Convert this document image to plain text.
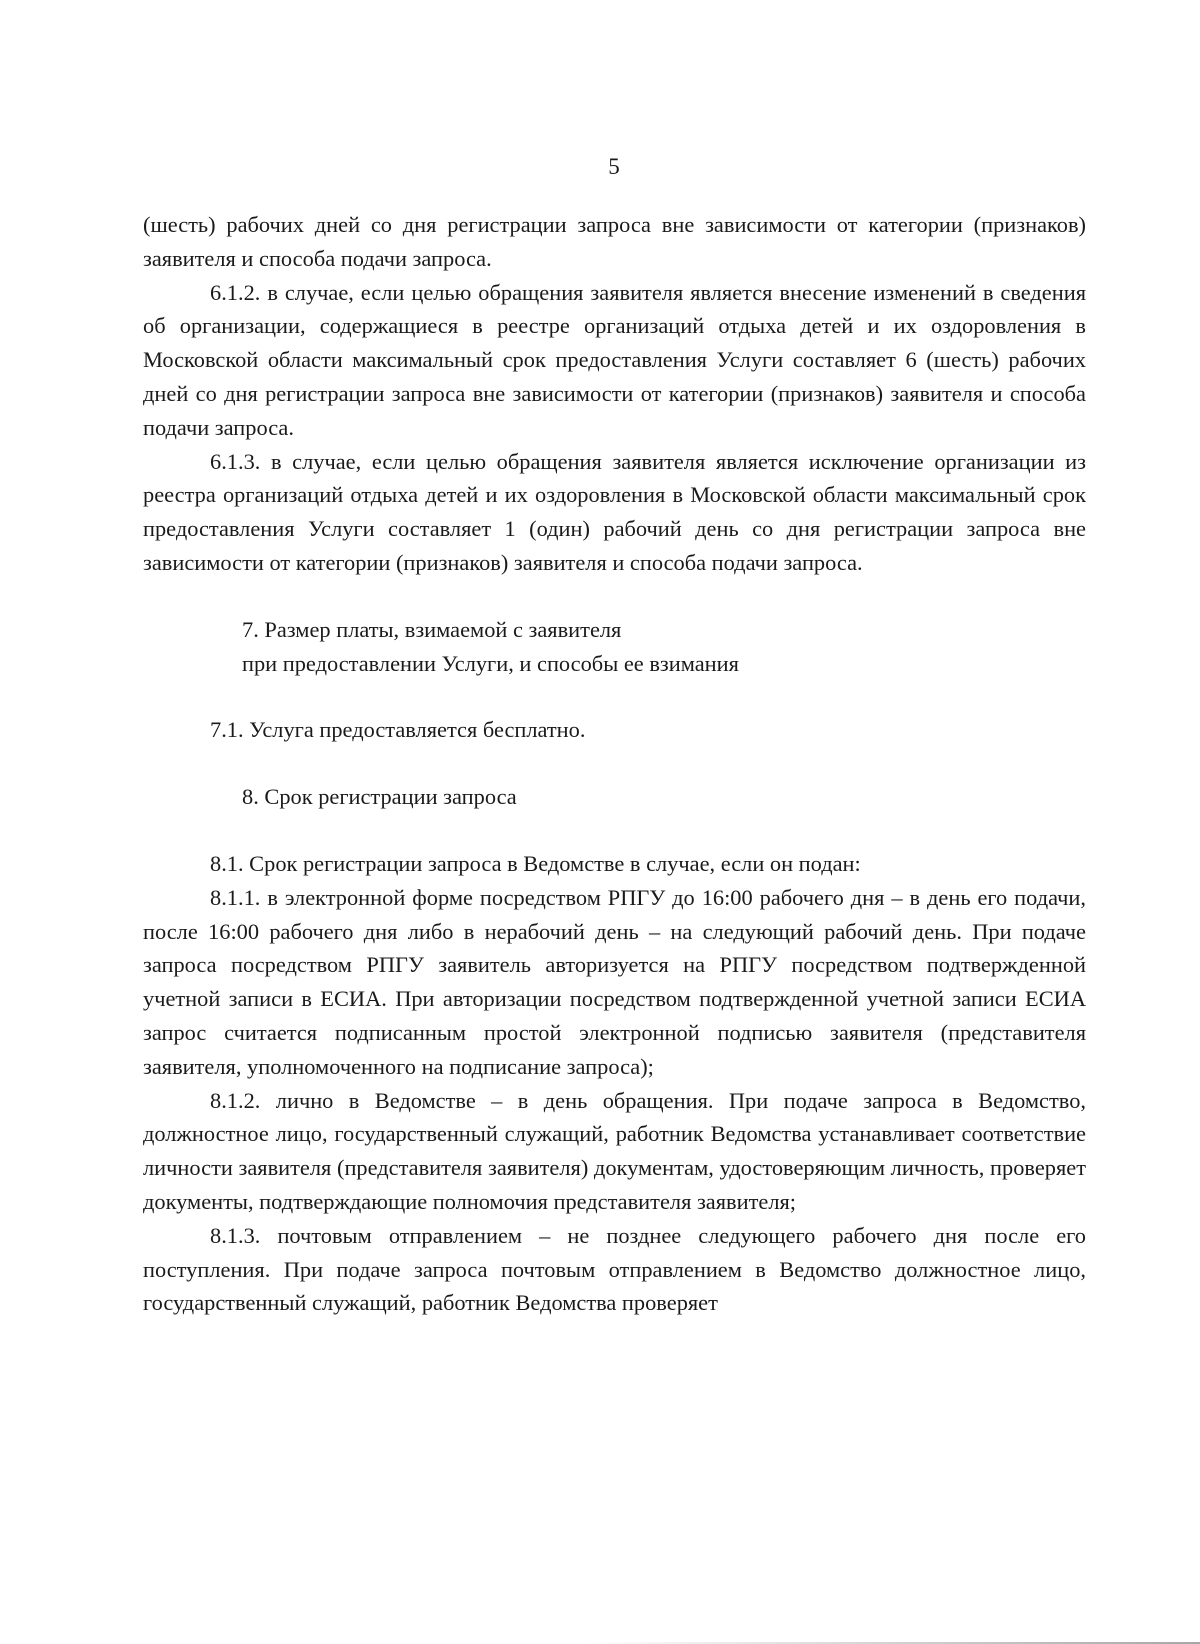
5

(шесть) рабочих дней со дня регистрации запроса вне зависимости от категории (признаков) заявителя и способа подачи запроса.

6.1.2. в случае, если целью обращения заявителя является внесение изменений в сведения об организации, содержащиеся в реестре организаций отдыха детей и их оздоровления в Московской области максимальный срок предоставления Услуги составляет 6 (шесть) рабочих дней со дня регистрации запроса вне зависимости от категории (признаков) заявителя и способа подачи запроса.

6.1.3. в случае, если целью обращения заявителя является исключение организации из реестра организаций отдыха детей и их оздоровления в Московской области максимальный срок предоставления Услуги составляет 1 (один) рабочий день со дня регистрации запроса вне зависимости от категории (признаков) заявителя и способа подачи запроса.

7. Размер платы, взимаемой с заявителя
при предоставлении Услуги, и способы ее взимания

7.1. Услуга предоставляется бесплатно.

8. Срок регистрации запроса

8.1. Срок регистрации запроса в Ведомстве в случае, если он подан:

8.1.1. в электронной форме посредством РПГУ до 16:00 рабочего дня – в день его подачи, после 16:00 рабочего дня либо в нерабочий день – на следующий рабочий день. При подаче запроса посредством РПГУ заявитель авторизуется на РПГУ посредством подтвержденной учетной записи в ЕСИА. При авторизации посредством подтвержденной учетной записи ЕСИА запрос считается подписанным простой электронной подписью заявителя (представителя заявителя, уполномоченного на подписание запроса);

8.1.2. лично в Ведомстве – в день обращения. При подаче запроса в Ведомство, должностное лицо, государственный служащий, работник Ведомства устанавливает соответствие личности заявителя (представителя заявителя) документам, удостоверяющим личность, проверяет документы, подтверждающие полномочия представителя заявителя;

8.1.3. почтовым отправлением – не позднее следующего рабочего дня после его поступления. При подаче запроса почтовым отправлением в Ведомство должностное лицо, государственный служащий, работник Ведомства проверяет
